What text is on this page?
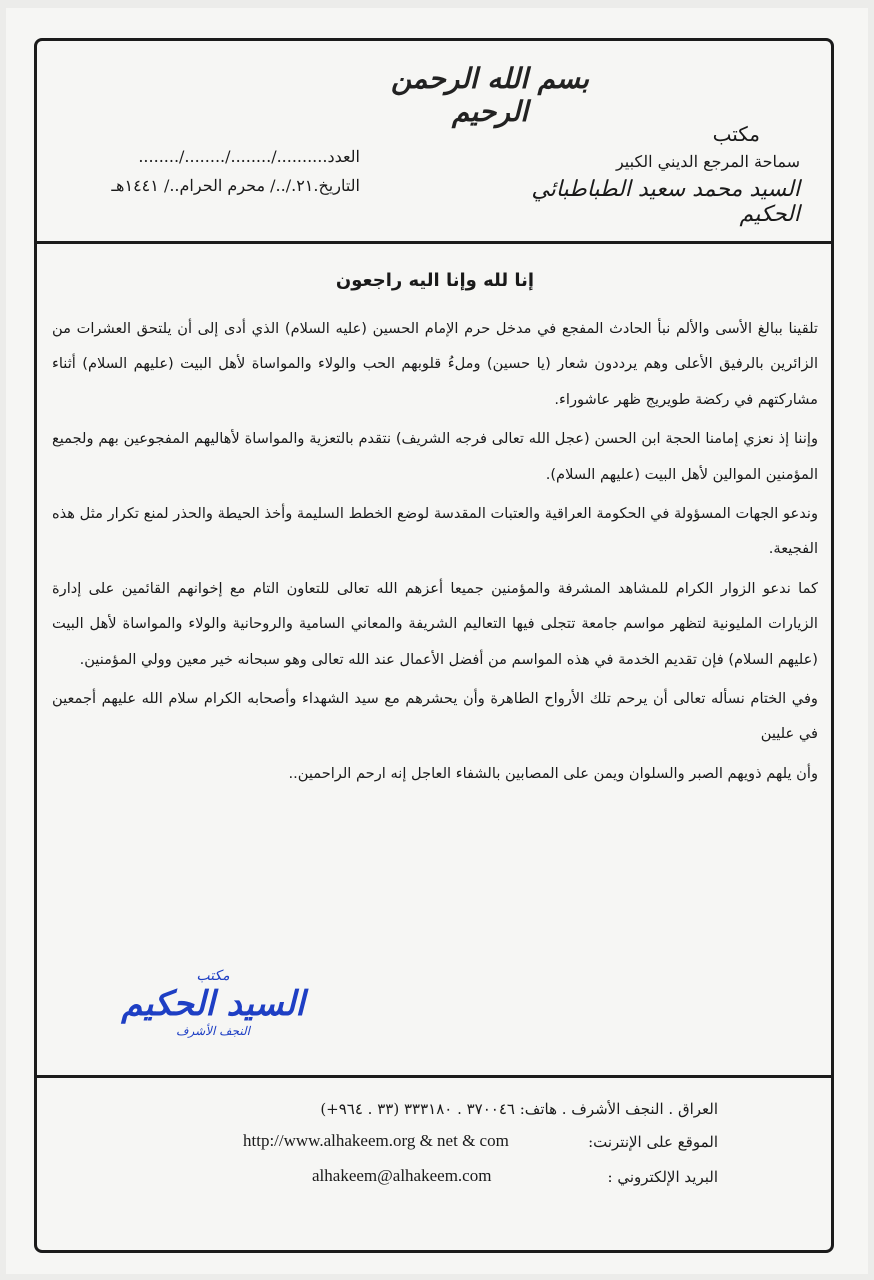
بسم الله الرحمن الرحيم
مكتب
سماحة المرجع الديني الكبير
السيد محمد سعيد الطباطبائي الحكيم
العدد........../......../......../........
التاريخ.٢١./../ محرم الحرام../ ١٤٤١هـ
إنا لله وإنا اليه راجعون

تلقينا ببالغ الأسى والألم نبأ الحادث المفجع في مدخل حرم الإمام الحسين (عليه السلام) الذي أدى إلى أن يلتحق العشرات من الزائرين بالرفيق الأعلى وهم يرددون شعار (يا حسين) وملءُ قلوبهم الحب والولاء والمواساة لأهل البيت (عليهم السلام) أثناء مشاركتهم في ركضة طويريج ظهر عاشوراء.

وإننا إذ نعزي إمامنا الحجة ابن الحسن (عجل الله تعالى فرجه الشريف) نتقدم بالتعزية والمواساة لأهاليهم المفجوعين بهم ولجميع المؤمنين الموالين لأهل البيت (عليهم السلام).

وندعو الجهات المسؤولة في الحكومة العراقية والعتبات المقدسة لوضع الخطط السليمة وأخذ الحيطة والحذر لمنع تكرار مثل هذه الفجيعة.

كما ندعو الزوار الكرام للمشاهد المشرفة والمؤمنين جميعا أعزهم الله تعالى للتعاون التام مع إخوانهم القائمين على إدارة الزيارات المليونية لتظهر مواسم جامعة تتجلى فيها التعاليم الشريفة والمعاني السامية والروحانية والولاء والمواساة لأهل البيت (عليهم السلام) فإن تقديم الخدمة في هذه المواسم من أفضل الأعمال عند الله تعالى وهو سبحانه خير معين وولي المؤمنين.

وفي الختام نسأله تعالى أن يرحم تلك الأرواح الطاهرة وأن يحشرهم مع سيد الشهداء وأصحابه الكرام سلام الله عليهم أجمعين في عليين

وأن يلهم ذويهم الصبر والسلوان ويمن على المصابين بالشفاء العاجل إنه ارحم الراحمين..

مكتب
السيد الحكيم
النجف الأشرف
العراق . النجف الأشرف . هاتف: ٣٧٠٠٤٦ . ٣٣٣١٨٠ (٣٣ . ٩٦٤+)
الموقع على الإنترنت:
http://www.alhakeem.org & net & com
البريد الإلكتروني :
alhakeem@alhakeem.com
